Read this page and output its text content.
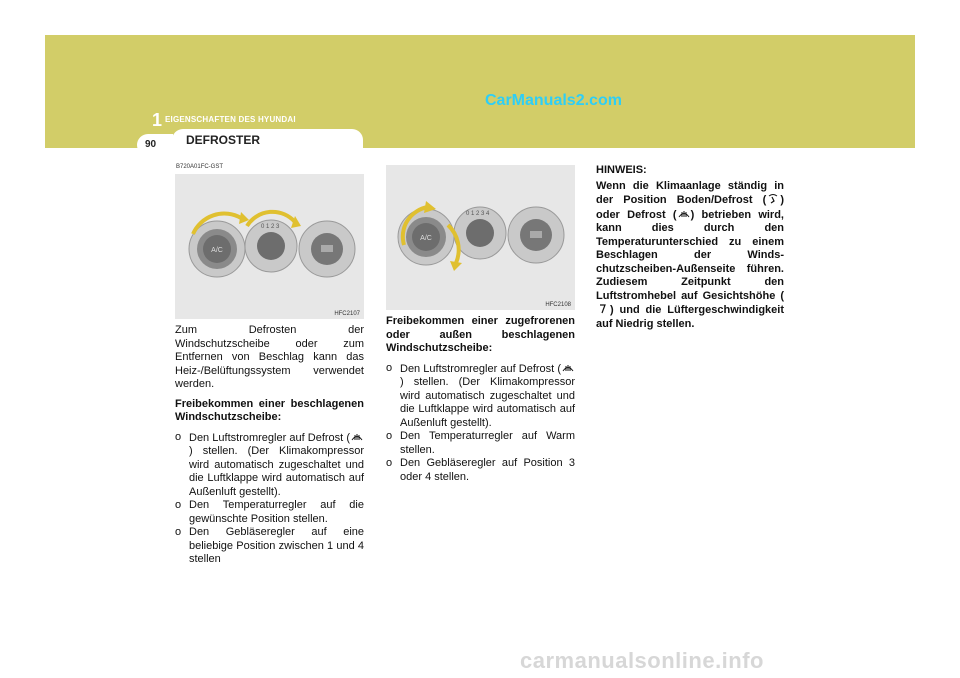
CarManuals2.com
1 EIGENSCHAFTEN DES HYUNDAI
90 DEFROSTER
B720A01FC-GST
A/C
0 1 2 3
HFC2107
A/C
0 1 2 3 4
HFC2108

Zum Defrosten der Windschutzscheibe oder zum Entfernen von Beschlag kann das Heiz-/Belüftungssystem verwendet werden.

Freibekommen einer beschlagenen Windschutzscheibe:

o Den Luftstromregler auf Defrost () stellen. (Der Klimakompressor wird automatisch zugeschaltet und die Luftklappe wird automatisch auf Außenluft gestellt).
o Den Temperaturregler auf die gewünschte Position stellen.
o Den Gebläseregler auf eine beliebige Position zwischen 1 und 4 stellen

Freibekommen einer zugefrorenen oder außen beschlagenen Windschutzscheibe:

o Den Luftstromregler auf Defrost () stellen. (Der Klimakompressor wird automatisch zugeschaltet und die Luftklappe wird automatisch auf Außenluft gestellt).
o Den Temperaturregler auf Warm stellen.
o Den Gebläseregler auf Position 3 oder 4 stellen.
HINWEIS:
Wenn die Klimaanlage ständig in der Position Boden/Defrost ( ) oder Defrost ( ) betrieben wird, kann dies durch den Temperaturunterschied zu einem Beschlagen der Winds-chutzscheiben-Außenseite führen. Zudiesem Zeitpunkt den Luftstromhebel auf Gesichtshöhe () und die Lüftergeschwindigkeit auf Niedrig stellen.
carmanualsonline.info
